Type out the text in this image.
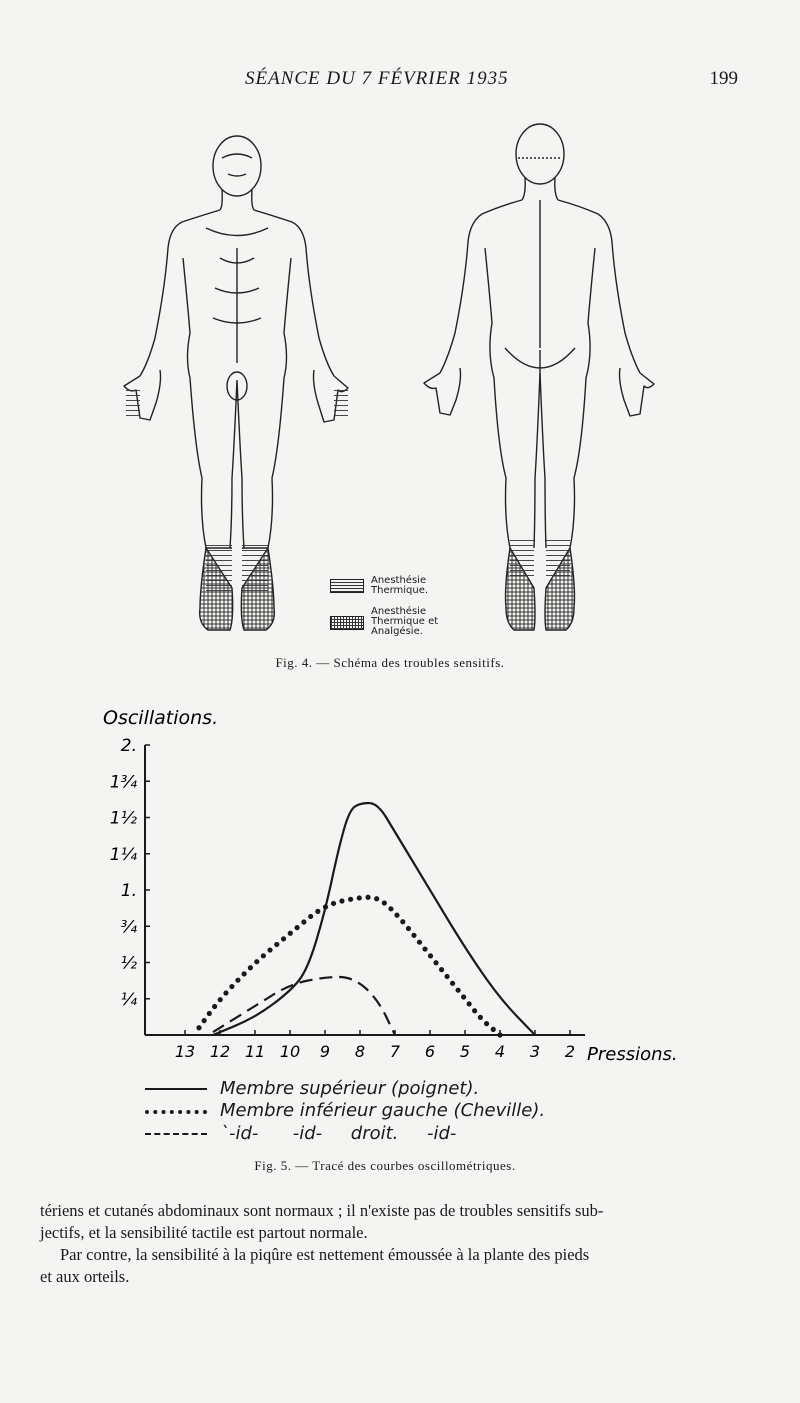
SÉANCE DU 7 FÉVRIER 1935	199
Anesthésie
Thermique.
Anesthésie
Thermique et
Analgésie.
Fig. 4. — Schéma des troubles sensitifs.
Oscillations.
Pressions.
¼
½
¾
1.
1¼
1½
1¾
2.
13 12 11 10 9 8 7 6 5 4 3 2
Membre supérieur (poignet).
Membre inférieur gauche (Cheville).
`-id-      -id-     droit.     -id-
Fig. 5. — Tracé des courbes oscillométriques.

tériens et cutanés abdominaux sont normaux ; il n'existe pas de troubles sensitifs sub-

jectifs, et la sensibilité tactile est partout normale.

Par contre, la sensibilité à la piqûre est nettement émoussée à la plante des pieds

et aux orteils.
